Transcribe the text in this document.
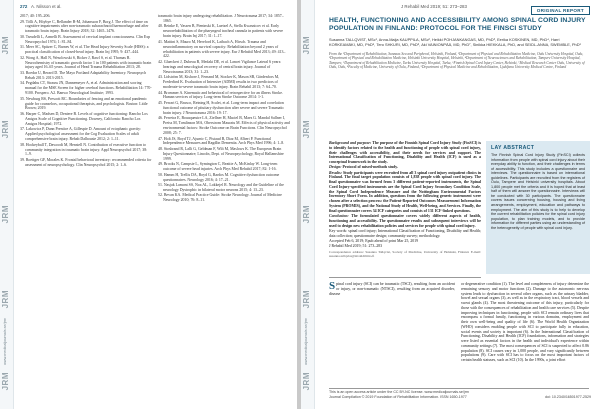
JRM
JRM
JRM
JRM
JRM
www.medicaljournals.se/jrm
272 A. Nilsson et al.

2017; 40: 195–206.

29. Tölli A, Höybye C, Bellander B-M, Johansson F, Borg J. The effect of time on cognitive impairments after non-traumatic subarachnoid haemorrhage and after traumatic brain injury. Brain Injury 2018; 32: 1465–1476.

30. Tseudelli L, Armelli B. Assessment of cervical implant consciousness. Clin Exp Neuropsychol 1974; 1: 81–84.

31. Meer SC, Spitzer C, Barnes W, et al. The Head Injury Severity Scale (HISS): a practical classification of closed-head injury. Brain Inj 1995; 9: 437–444.

32. Wong A, Hall N, Wesolowski S, Ricker J, Rawl S, et al. Thomas R. Neurochemistry of traumatic growth factor 1 in 100 patients with traumatic brain injury aged 16–65 years. Journal of Head Trauma Rehabilitation 2013; 28.

33. Roedar U, Berard D. The Mayo Portland Adaptability Inventory. Neuropsych Rehab 2013: 2013-2015.

34. Pegdahu CT, Strauss JN, Dannemeyer A, et al. Administration and scoring manual for the MSE Screen for higher cerebral functions. Rehabilitation 14: 770-9100. Prospero. A2. Banwo Neurological Institute; 1993.

35. Newburg RS, Prescott RC. Boundaries of fencing and an emotional pandemic guide for counselors, occupational therapists, and psychologists. Boston: Little Brown; 2019.

36. Harper C, Madsen D, Deniere B. Levels of cognitive functioning: Rancho Los Amigos Scale of Cognitive Functioning. Downey, California: Rancho Los Amigos Hospital; 1972.

37. Lakowicz P, Dunn Prentice A, Gillespie D. Amount of ectophanic gravity: Applied psychological assessment for the Cog Evaluation Scales of adult comprehensive brain injury. Rehab Dalhousie 2012; 2: 1–11.

38. Hockeyball T, Dawoodi M, Henstell N. Contribution of executive function to community integration in traumatic brain injury. Appl Neuropsychol 2017; 38: 1–9.

39. Roettger GF, Morales K. Frontal behavioral inventory: recommended criteria for assessment of neuropsychology. Clin Neuropsychol 2015; 2: 1–6.

traumatic brain injury undergoing rehabilitation. J Neurotrauma 2017; 34: 1857–1865.

40. Reinke E, Vassen B, Pieninski K, Luetzel A, Stella Kwasnicov et al. Early neurorehabilitation of the pharyngeal tracheal cannula in patients with severe brain injury. Brain Inj 2017; 31: 1–17.

41. Mattini S, Mauro M, Hereford K, Laibach A, Hirsch. Trauma and neuroinflammatory on survival capacity: Rehabilitation beyond 2 years of rehabilitation in patients with severe injury. Eur J Rehabil Med 2013; 49: 413–422.

42. Glueckert J, Dubeau B, Medaki DE, et al. Lancet Vigilance Lateral 6 years: hearings and neurological recovery of central brain injury. Journal of Neurotrauma 2013; 31: 1–23.

43. Lidström M, Kishore J, Fernand M, Stocker K, Mason SR, Gärdenfors M, Frederlind K. Evaluation of Intensive (ADMI) results in two predictors of moderate-to-severe traumatic brain injury. Brain Rehabil 2013; 7: 64–70.

44. Brommer A. Kinematic and behavioral of retrospective for an illness Stroke. Human services of injury. Long-term Stroke Outcome 2014: 1-1.

45. Ferrari G, Brusco, Reining H, Scalet, et al. Long-term impact and correlation functional outcome of pituitary dysfunction after severe and severe Traumatic brain injury. J Neurotrauma 2016: 19: 17.

46. Ferreira E, Bouaqueuire LA, Ziellner H, Maciel B, Maes G. Mandal Sallner I, Preiss M, Tomlinson MA, Oberstrom Mauratu M. Effects of physical activity and environmental factors: Stroke Outcome on Brain Functions. Clin Neuropsychol 2008; 25: 7.

47. Holt JS, Boyd TJ, Ajurnir C, Pistaud B, Diaz M, Albert P. Functional Independence Measures and Ragdlin Dementia. Arch Phys Med 1996; 4: 1–8.

48. Stosbrand R, Lalli G, Geldman F, Wilt M, Maslows K. The European Brain Injury Questionnaire; Lincoln, Dept. of Neuropsychology, Royal Hallamshire 1999.

49. Brooks N, Campsie L, Symington C, Beattie A, McKinlay W. Long-term outcome of severe head injuries. Arch Phys Med Rehabil 2017; 82: 1-16.

50. Hamm H, Trellis DA, Boyd G, Bardos M. Cognitive dysfunction outcome questionnaires. Neurology 2016; 4: 17–21.

51. Nasjak Lamont SS, Noa AL, Lokkejel R. Neurology and the Guideline of the neurology Dystrophic in bilateral motor neurons 2015; 4: 13–23.

52. Bevan KA. Medical Practice Guide: Stroke Neurology. Journal of Medicine Neurology 2010; 76: 8–11.

JRM
JRM
JRM
JRM
JRM
www.medicaljournals.se/jrm
J Rehabil Med 2019; 51: 273–283
ORIGINAL REPORT
HEALTH, FUNCTIONING AND ACCESSIBILITY AMONG SPINAL CORD INJURY POPULATION IN FINLAND: PROTOCOL FOR THE FINSCI STUDY
Susanna TALLQVIST, MSc¹, Anna-Maija KAUPPILA, MSc², Heikki POHJANKANGAS, MD, PhD³, Eerika KOSKINEN, MD, PhD⁴, Harri KORKEAMÄKI, MD, PhD⁵, Tero SHKURI, MD, PhD⁶, Aki VAINIONPÄÄ, MD, PhD⁷, Sinikka HIEKKALA, PhD, and SEIDL-ANNA, SWEMBLE, PhD¹
From the ¹Department of Rehabilitation, Sunnaas Sea and Peripheral, Helsinki, Finland, ²Department of Physical and Rehabilitation Medicine, Oulu University Hospital, Oulu, ³Department of Physical and Rehabilitation Medicine, Helsinki University Hospital, Helsinki, ⁴Department of Neurosciences and Rehabilitation, Tampere University Hospital, Tampere, ⁵Department of Rehabilitation Medicine, Turku University Hospital, Turku, ⁶Finnish Spinal Cord Injury Center, Helsinki, ⁷Medical Research Center Oulu, University of Oulu, Oulu, ⁸Faculty of Medicine, University of Oulu, Finland, ⁹Department of Physical Medicine and Rehabilitation, Ljubljana University Medical Centre, Finland

Background and purpose: The purpose of the Finnish Spinal Cord Injury Study (FinSCI) is to identify factors related to the health and functioning of people with spinal cord injury, their challenges with accessibility, and their needs for services and support. The International Classification of Functioning, Disability and Health (ICF) is used as a conceptual framework in the study.

Design: Protocol of mixed-methods study.

Results: Study participants were recruited from all 3 spinal cord injury outpatient clinics in Finland. The final target population consists of 1,838 people with spinal cord injury. The final questionnaire was formed from 3 different patient-reported instruments, the Spinal Cord Injury-specified instruments are the Spinal Cord Injury Secondary Condition Scale, the Spinal Cord Independence Measure and the Nottingham Environmental Factors Inventory Short Form. In addition, questions from the following generic instrument were chosen after a selection process: the Patient-Reported Outcomes Measurement Information System (PROMIS), and the National Study of Health, Well-being, and Services. Finally, the final questionnaire covers 34 ICF categories and consists of 131 ICF-linked questions.

Conclusion: The formulated questionnaire covers widely different aspects of health, functioning and accessibility. The questionnaire results and subsequent interviews will be used to design new rehabilitation policies and services for people with spinal cord injury.

Key words: spinal cord injury; International Classification of Functioning, Disability and Health; data collection; questionnaire design; community survey; methodology.

Accepted Feb 6, 2019; Epub ahead of print Mar 25, 2019

J Rehabil Med 2019; 51: 273–283

Correspondence address: Susanna Tallqvist, Society of Medicine, University of Helsinki, Finland. E-mail: susanna.tallqvist@invalidiliitto.fi

LAY ABSTRACT
The Finnish Spinal Cord Injury Study (FinSCI) collects information from people with spinal cord injury about their everyday ability to function, and their challenges in terms of accessibility. This study includes a questionnaire and interviews. The questionnaire is based on international guidelines. Participants are recruited from the registers of Oulu, Tampere and Helsinki university hospitals. About 1,800 people met the criteria and it is hoped that at least half of them will answer the questionnaire. Interviews will be conducted with 30 participants. The questionnaire covers issues concerning housing, housing and living arrangements, employment, education and pathways to employment. The aim of this study is to help to develop the current rehabilitation policies for the spinal cord injury population, to plan training models, and to provide information for different parties using an understanding of the heterogeneity of people with spinal cord injury.
Spinal cord injury (SCI) can be traumatic (TSCI), resulting from an accident or injury, or non-traumatic (NTSCI), resulting from an acquired disorder, disease
or degenerative condition (1). The level and completeness of injury determine the remaining sensory and motor functions (2). Damage to the autonomic nervous system leads to dysfunction in several other organs, such as the urinary bladder, bowel and sexual organs (3), as well as in the respiratory tract, blood vessels and sweat glands (4). The most threatening outcome of this injury, particularly for those with the consequences of rehabilitation and health care services (5). Despite improving techniques in functioning, people with SCI remain ordinary lives that encompass a formal family, functioning in various domains, employment and their own well-being and quality of life (6). The World Health Organization (WHO) considers enabling people with SCI to participate fully in education, social events and society is important (6). In the International Classification of Functioning, Disability and Health (ICF) foundations, information and strategies were listed as essential factors in the health and individual's experience within community settings (7). The most consequences of SCI is suspected to affect 0.86 population (8). SCI causes vary in 1,000 people, and vary significantly between populations (9). Care with SCI has to focus on the most important factors of certain health statuses, such as SCI (10). In the 1990s, a joint effort
This is an open access article under the CC BY-NC license. www.medicaljournals.se/jrm
Journal Compilation © 2019 Foundation of Rehabilitation Information. ISSN 1650-1977	doi: 10.2340/16501977-2529
